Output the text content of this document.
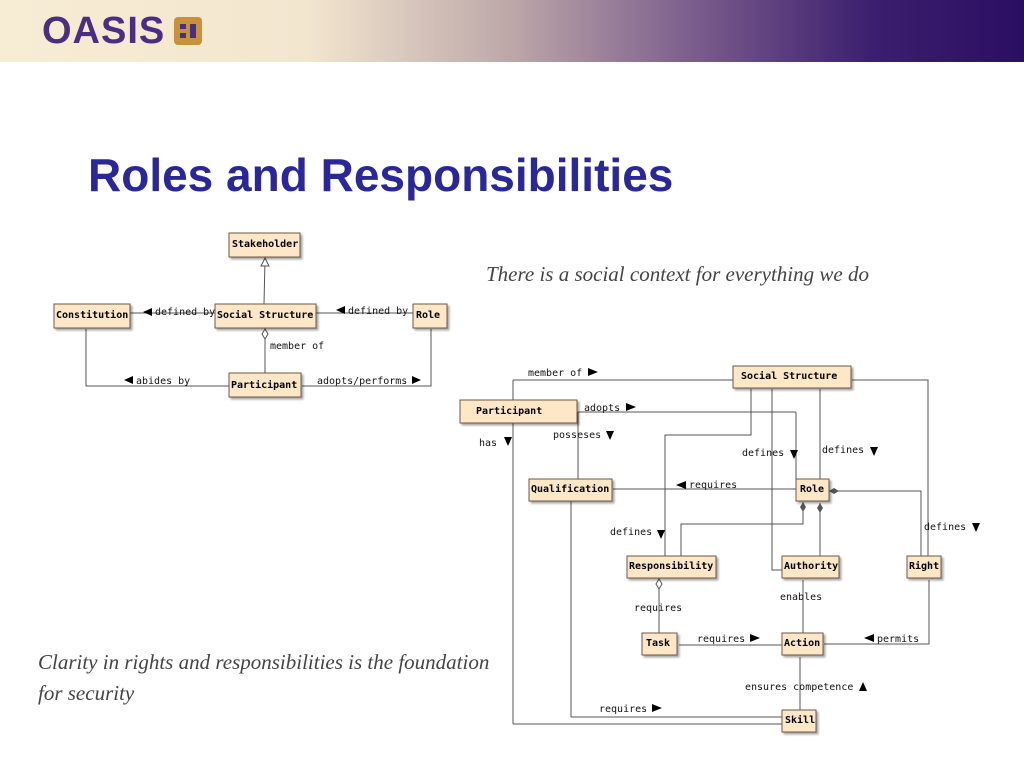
OASIS
Roles and Responsibilities

There is a social context for everything we do

Clarity in rights and responsibilities is the foundation for security

defined by	defined by
member of
abides by	adopts/performs
Stakeholder
Constitution	Social Structure	Role
Participant
member of
adopts
has
posseses
defines	defines
requires
defines	defines
requires
enables
requires	permits
ensures competence
requires
Social Structure
Participant
Qualification	Role
Responsibility	Authority	Right
Task	Action
Skill
